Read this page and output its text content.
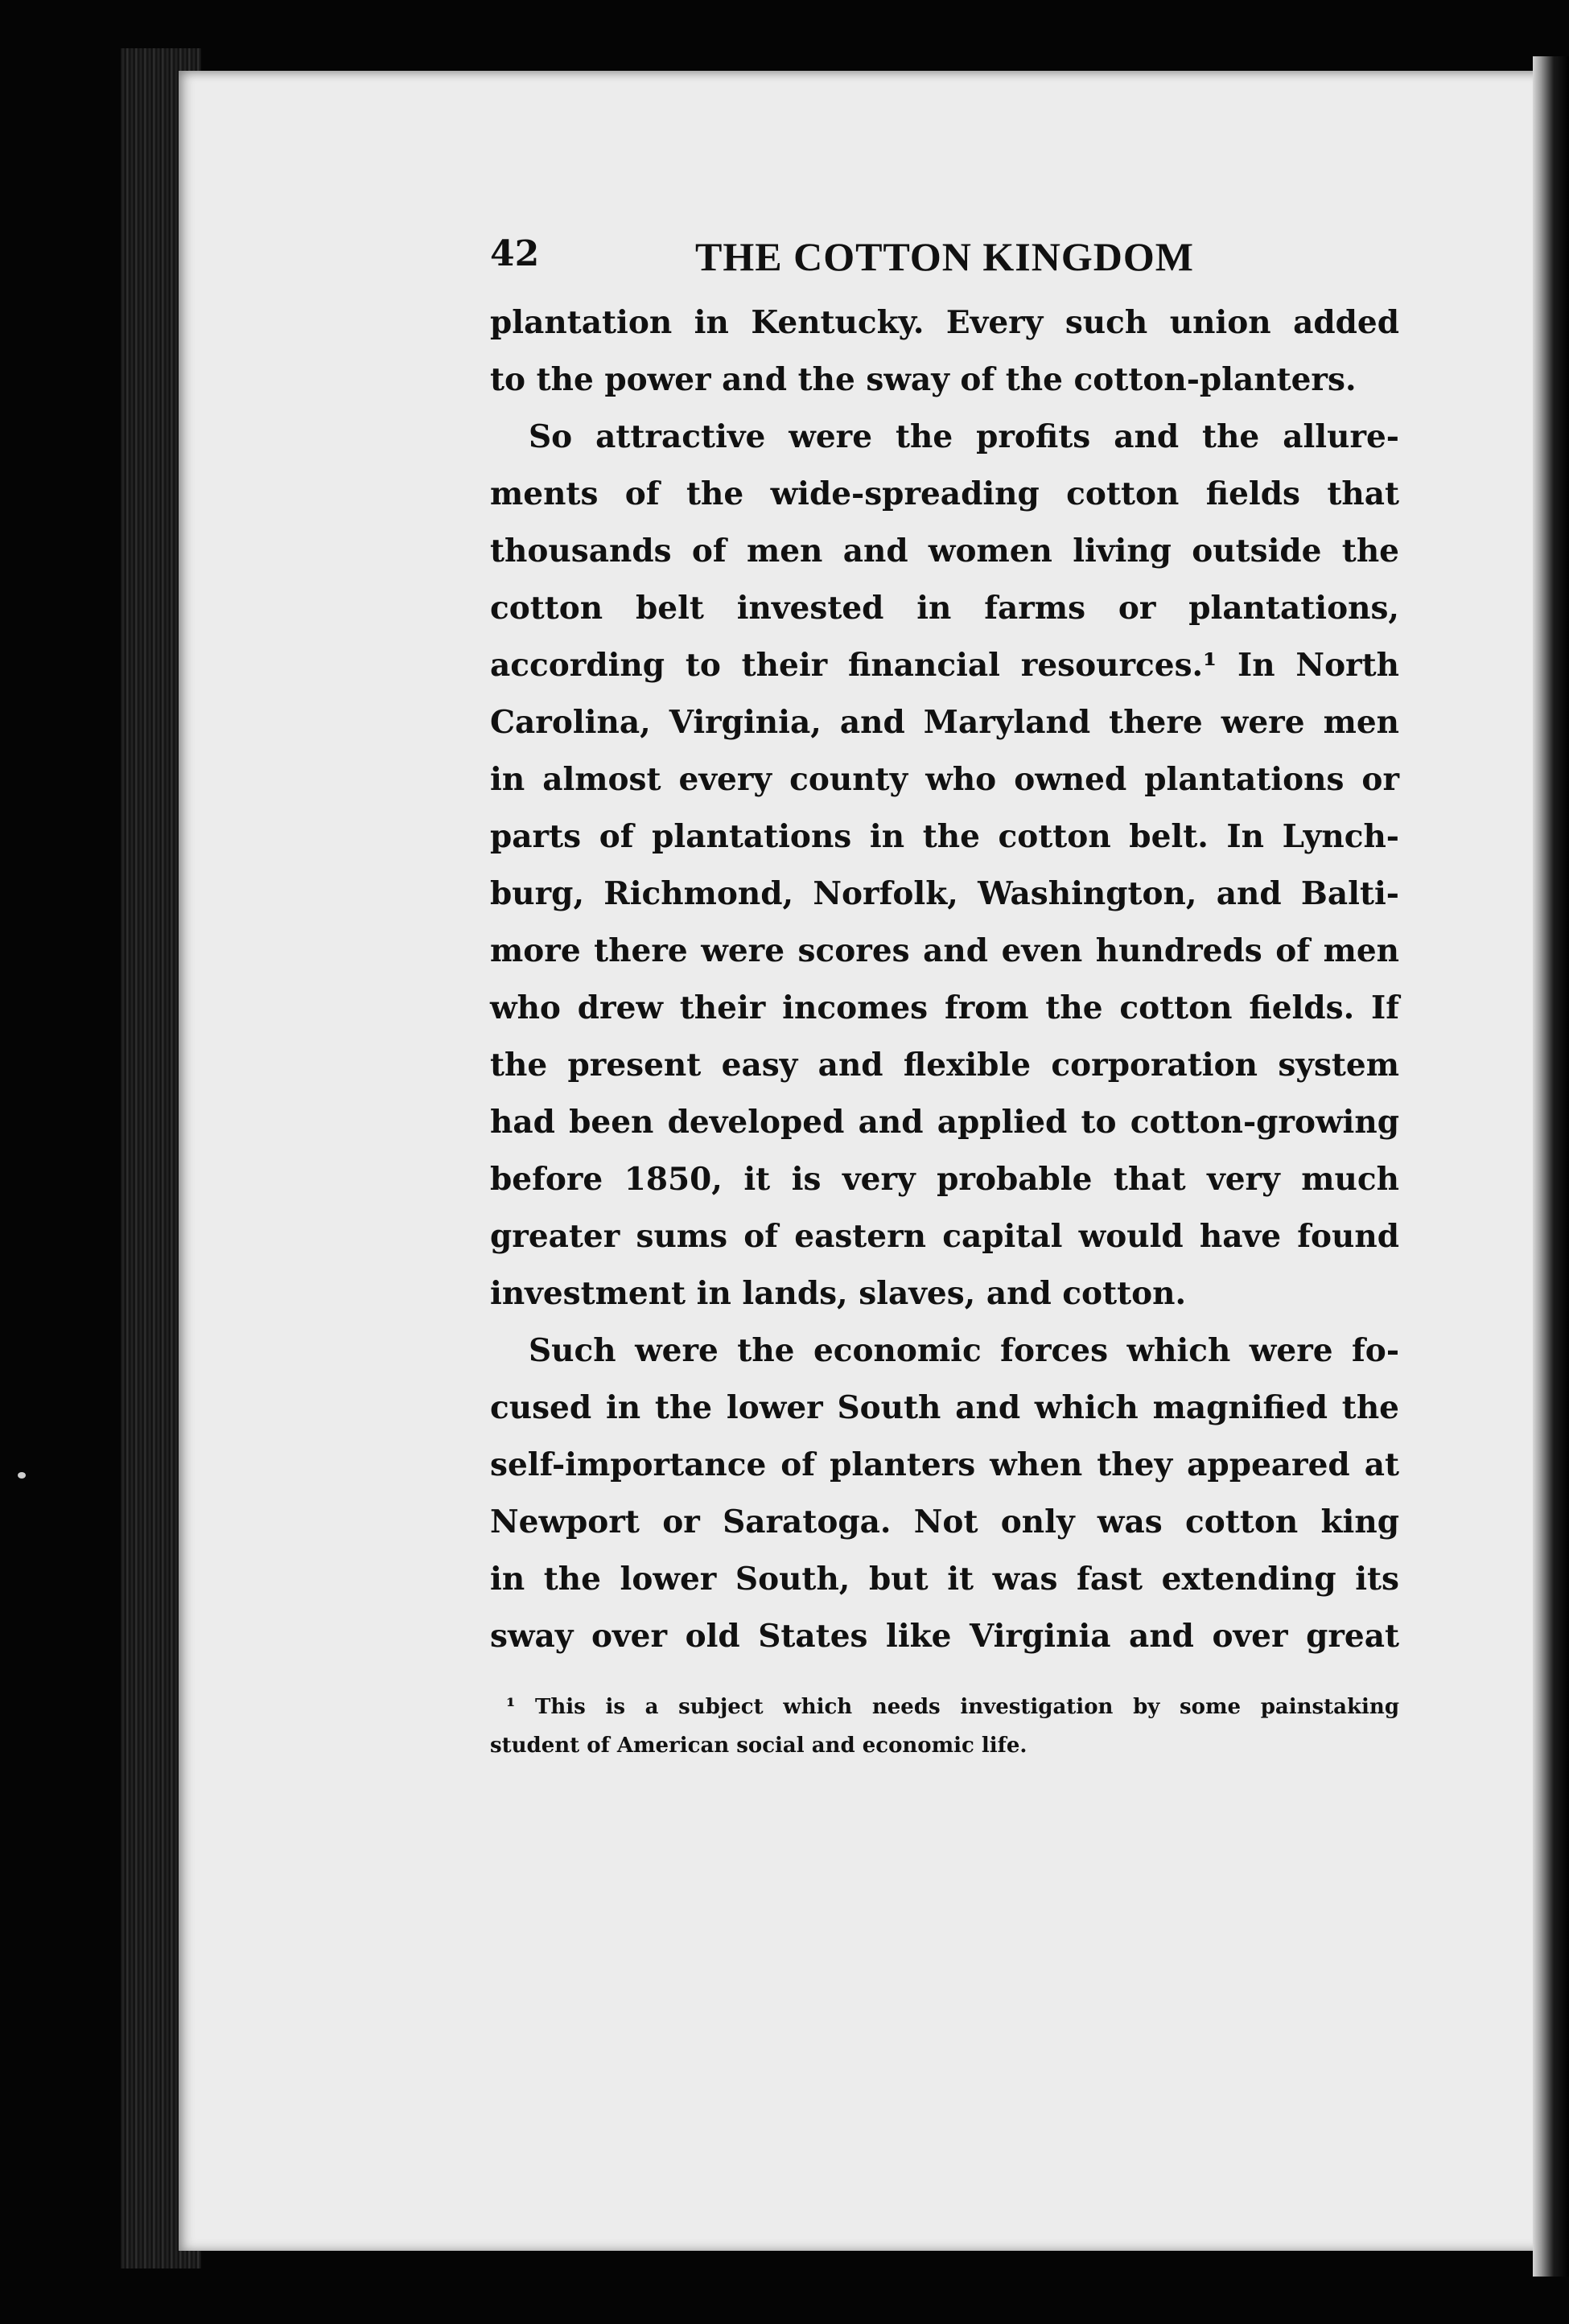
42	THE COTTON KINGDOM
plantation in Kentucky. Every such union added
to the power and the sway of the cotton-planters.
So attractive were the profits and the allure-
ments of the wide-spreading cotton fields that
thousands of men and women living outside the
cotton belt invested in farms or plantations,
according to their financial resources.¹ In North
Carolina, Virginia, and Maryland there were men
in almost every county who owned plantations or
parts of plantations in the cotton belt. In Lynch-
burg, Richmond, Norfolk, Washington, and Balti-
more there were scores and even hundreds of men
who drew their incomes from the cotton fields. If
the present easy and flexible corporation system
had been developed and applied to cotton-growing
before 1850, it is very probable that very much
greater sums of eastern capital would have found
investment in lands, slaves, and cotton.
Such were the economic forces which were fo-
cused in the lower South and which magnified the
self-importance of planters when they appeared at
Newport or Saratoga. Not only was cotton king
in the lower South, but it was fast extending its
sway over old States like Virginia and over great
¹ This is a subject which needs investigation by some painstaking
student of American social and economic life.
